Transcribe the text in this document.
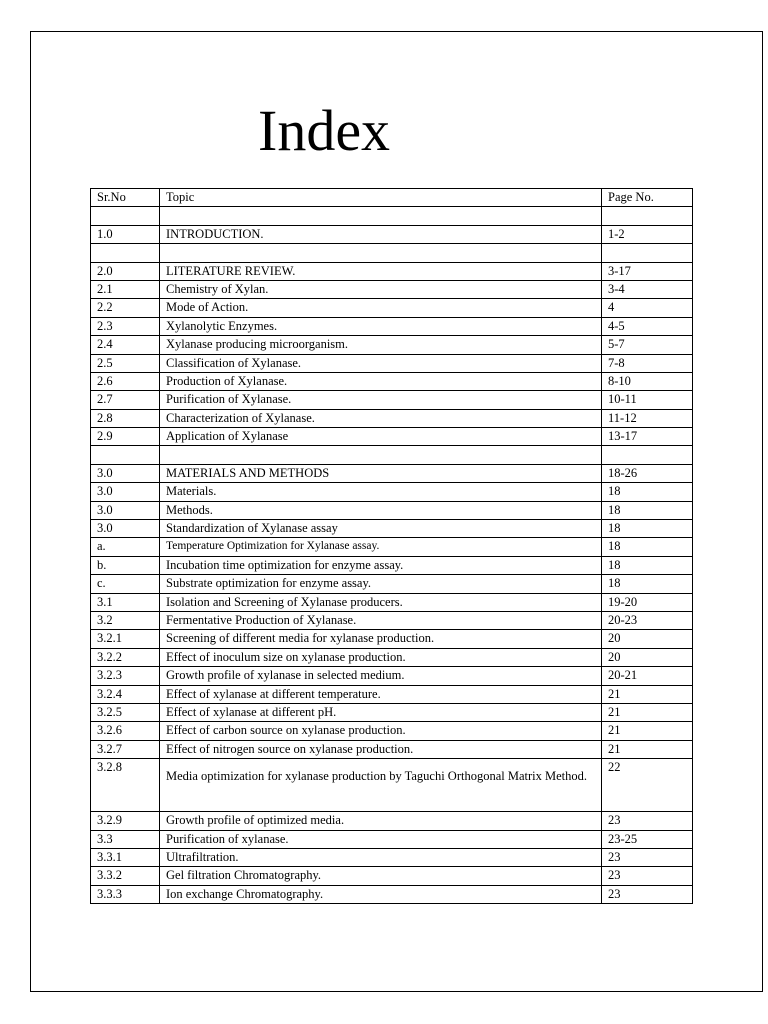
Index
Sr.No	Topic	Page No.

1.0	INTRODUCTION.	1-2

2.0	LITERATURE REVIEW.	3-17
2.1	Chemistry of Xylan.	3-4
2.2	Mode of Action.	4
2.3	Xylanolytic Enzymes.	4-5
2.4	Xylanase producing microorganism.	5-7
2.5	Classification of Xylanase.	7-8
2.6	Production of Xylanase.	8-10
2.7	Purification of Xylanase.	10-11
2.8	Characterization of Xylanase.	11-12
2.9	Application of Xylanase	13-17

3.0	MATERIALS AND METHODS	18-26
3.0	Materials.	18
3.0	Methods.	18
3.0	Standardization of Xylanase assay	18
a.	Temperature Optimization for Xylanase assay.	18
b.	Incubation time optimization for enzyme assay.	18
c.	Substrate optimization for enzyme assay.	18
3.1	Isolation and Screening of Xylanase producers.	19-20
3.2	Fermentative Production of Xylanase.	20-23
3.2.1	Screening of different media for xylanase production.	20
3.2.2	Effect of inoculum size on xylanase production.	20
3.2.3	Growth profile of xylanase in selected medium.	20-21
3.2.4	Effect of xylanase at different temperature.	21
3.2.5	Effect of xylanase at different pH.	21
3.2.6	Effect of carbon source on xylanase production.	21
3.2.7	Effect of nitrogen source on xylanase production.	21
3.2.8	Media optimization for xylanase production by Taguchi Orthogonal Matrix Method.	22
3.2.9	Growth profile of optimized media.	23
3.3	Purification of xylanase.	23-25
3.3.1	Ultrafiltration.	23
3.3.2	Gel filtration Chromatography.	23
3.3.3	Ion exchange Chromatography.	23
